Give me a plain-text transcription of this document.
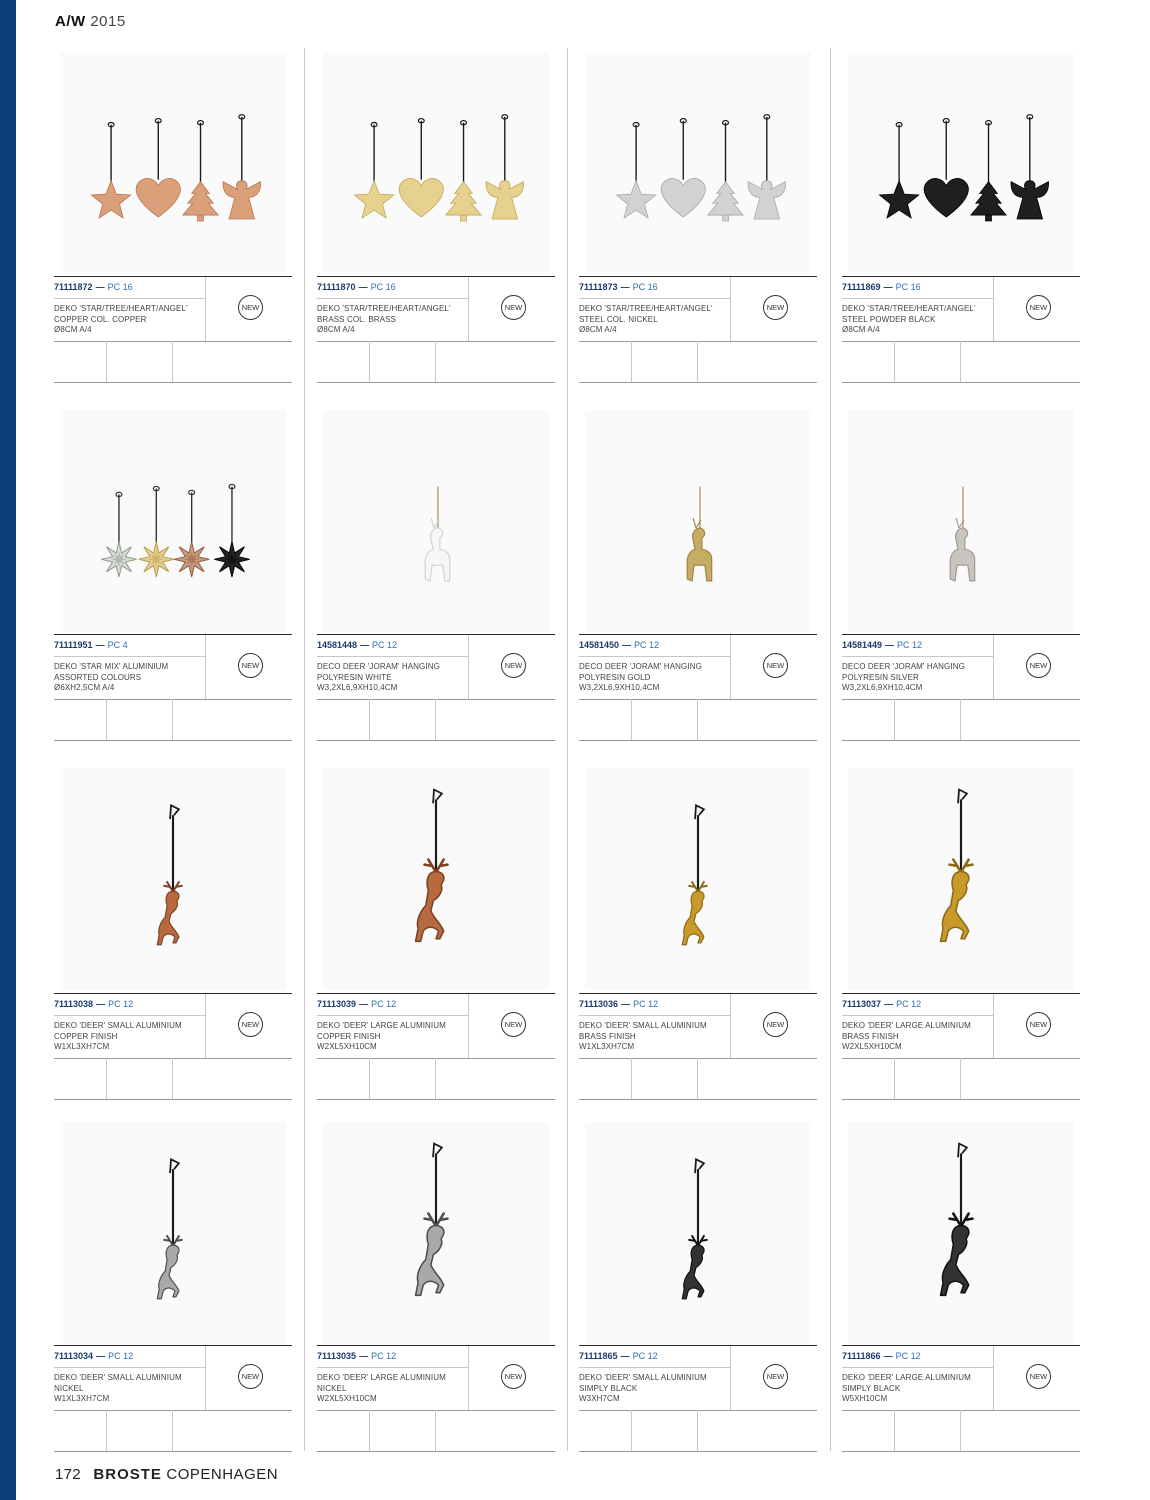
A/W 2015
71111872 — PC 16
DEKO 'STAR/TREE/HEART/ANGEL'
COPPER COL. COPPER
Ø8CM A/4
NEW
71111870 — PC 16
DEKO 'STAR/TREE/HEART/ANGEL'
BRASS COL. BRASS
Ø8CM A/4
NEW
71111873 — PC 16
DEKO 'STAR/TREE/HEART/ANGEL'
STEEL COL. NICKEL
Ø8CM A/4
NEW
71111869 — PC 16
DEKO 'STAR/TREE/HEART/ANGEL'
STEEL POWDER BLACK
Ø8CM A/4
NEW
71111951 — PC 4
DEKO 'STAR MIX' ALUMINIUM
ASSORTED COLOURS
Ø6XH2,5CM A/4
NEW
14581448 — PC 12
DECO DEER 'JORAM' HANGING
POLYRESIN WHITE
W3,2XL6,9XH10,4CM
NEW
14581450 — PC 12
DECO DEER 'JORAM' HANGING
POLYRESIN GOLD
W3,2XL6,9XH10,4CM
NEW
14581449 — PC 12
DECO DEER 'JORAM' HANGING
POLYRESIN SILVER
W3,2XL6,9XH10,4CM
NEW
71113038 — PC 12
DEKO 'DEER' SMALL ALUMINIUM
COPPER FINISH
W1XL3XH7CM
NEW
71113039 — PC 12
DEKO 'DEER' LARGE ALUMINIUM
COPPER FINISH
W2XL5XH10CM
NEW
71113036 — PC 12
DEKO 'DEER' SMALL ALUMINIUM
BRASS FINISH
W1XL3XH7CM
NEW
71113037 — PC 12
DEKO 'DEER' LARGE ALUMINIUM
BRASS FINISH
W2XL5XH10CM
NEW
71113034 — PC 12
DEKO 'DEER' SMALL ALUMINIUM
NICKEL
W1XL3XH7CM
NEW
71113035 — PC 12
DEKO 'DEER' LARGE ALUMINIUM
NICKEL
W2XL5XH10CM
NEW
71111865 — PC 12
DEKO 'DEER' SMALL ALUMINIUM
SIMPLY BLACK
W3XH7CM
NEW
71111866 — PC 12
DEKO 'DEER' LARGE ALUMINIUM
SIMPLY BLACK
W5XH10CM
NEW
172 BROSTE COPENHAGEN
